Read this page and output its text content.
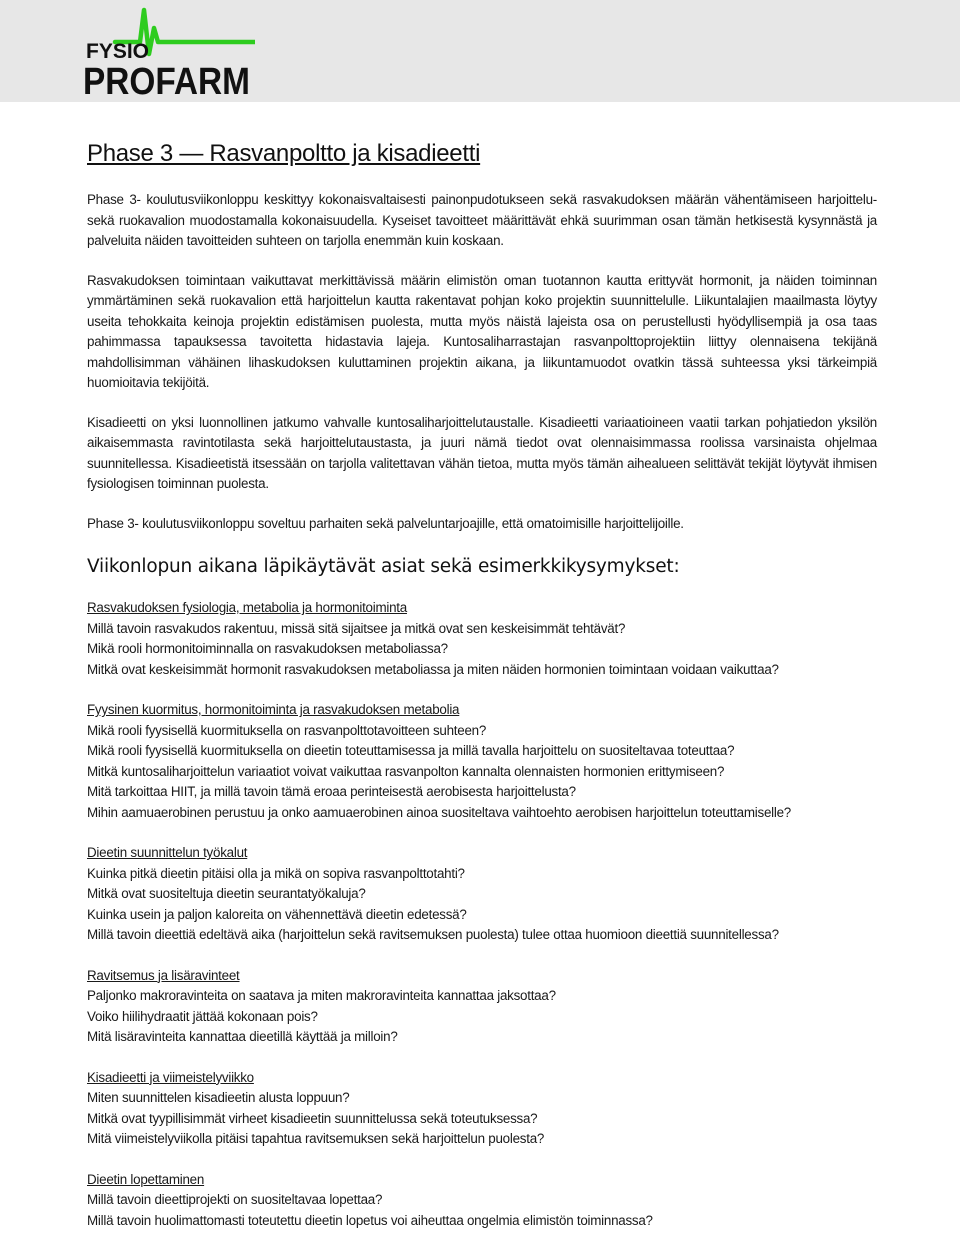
FYSIO
PROFARM
Phase 3 — Rasvanpoltto ja kisadieetti

Phase 3- koulutusviikonloppu keskittyy kokonaisvaltaisesti painonpudotukseen sekä rasvakudoksen määrän vähentämiseen harjoittelu- sekä ruokavalion muodostamalla kokonaisuudella. Kyseiset tavoitteet määrittävät ehkä suurimman osan tämän hetkisestä kysynnästä ja palveluita näiden tavoitteiden suhteen on tarjolla enemmän kuin koskaan.

Rasvakudoksen toimintaan vaikuttavat merkittävissä määrin elimistön oman tuotannon kautta erittyvät hormonit, ja näiden toiminnan ymmärtäminen sekä ruokavalion että harjoittelun kautta rakentavat pohjan koko projektin suunnittelulle. Liikuntalajien maailmasta löytyy useita tehokkaita keinoja projektin edistämisen puolesta, mutta myös näistä lajeista osa on perustellusti hyödyllisempiä ja osa taas pahimmassa tapauksessa tavoitetta hidastavia lajeja. Kuntosaliharrastajan rasvanpolttoprojektiin liittyy olennaisena tekijänä mahdollisimman vähäinen lihaskudoksen kuluttaminen projektin aikana, ja liikuntamuodot ovatkin tässä suhteessa yksi tärkeimpiä huomioitavia tekijöitä.

Kisadieetti on yksi luonnollinen jatkumo vahvalle kuntosaliharjoittelutaustalle. Kisadieetti variaatioineen vaatii tarkan pohjatiedon yksilön aikaisemmasta ravintotilasta sekä harjoittelutaustasta, ja juuri nämä tiedot ovat olennaisimmassa roolissa varsinaista ohjelmaa suunnitellessa. Kisadieetistä itsessään on tarjolla valitettavan vähän tietoa, mutta myös tämän aihealueen selittävät tekijät löytyvät ihmisen fysiologisen toiminnan puolesta.

Phase 3- koulutusviikonloppu soveltuu parhaiten sekä palveluntarjoajille, että omatoimisille harjoittelijoille.

Viikonlopun aikana läpikäytävät asiat sekä esimerkkikysymykset:
Rasvakudoksen fysiologia, metabolia ja hormonitoiminta
Millä tavoin rasvakudos rakentuu, missä sitä sijaitsee ja mitkä ovat sen keskeisimmät tehtävät?
Mikä rooli hormonitoiminnalla on rasvakudoksen metaboliassa?
Mitkä ovat keskeisimmät hormonit rasvakudoksen metaboliassa ja miten näiden hormonien toimintaan voidaan vaikuttaa?
Fyysinen kuormitus, hormonitoiminta ja rasvakudoksen metabolia
Mikä rooli fyysisellä kuormituksella on rasvanpolttotavoitteen suhteen?
Mikä rooli fyysisellä kuormituksella on dieetin toteuttamisessa ja millä tavalla harjoittelu on suositeltavaa toteuttaa?
Mitkä kuntosaliharjoittelun variaatiot voivat vaikuttaa rasvanpolton kannalta olennaisten hormonien erittymiseen?
Mitä tarkoittaa HIIT, ja millä tavoin tämä eroaa perinteisestä aerobisesta harjoittelusta?
Mihin aamuaerobinen perustuu ja onko aamuaerobinen ainoa suositeltava vaihtoehto aerobisen harjoittelun toteuttamiselle?
Dieetin suunnittelun työkalut
Kuinka pitkä dieetin pitäisi olla ja mikä on sopiva rasvanpolttotahti?
Mitkä ovat suositeltuja dieetin seurantatyökaluja?
Kuinka usein ja paljon kaloreita on vähennettävä dieetin edetessä?
Millä tavoin dieettiä edeltävä aika (harjoittelun sekä ravitsemuksen puolesta) tulee ottaa huomioon dieettiä suunnitellessa?
Ravitsemus ja lisäravinteet
Paljonko makroravinteita on saatava ja miten makroravinteita kannattaa jaksottaa?
Voiko hiilihydraatit jättää kokonaan pois?
Mitä lisäravinteita kannattaa dieetillä käyttää ja milloin?
Kisadieetti ja viimeistelyviikko
Miten suunnittelen kisadieetin alusta loppuun?
Mitkä ovat tyypillisimmät virheet kisadieetin suunnittelussa sekä toteutuksessa?
Mitä viimeistelyviikolla pitäisi tapahtua ravitsemuksen sekä harjoittelun puolesta?
Dieetin lopettaminen
Millä tavoin dieettiprojekti on suositeltavaa lopettaa?
Millä tavoin huolimattomasti toteutettu dieetin lopetus voi aiheuttaa ongelmia elimistön toiminnassa?
